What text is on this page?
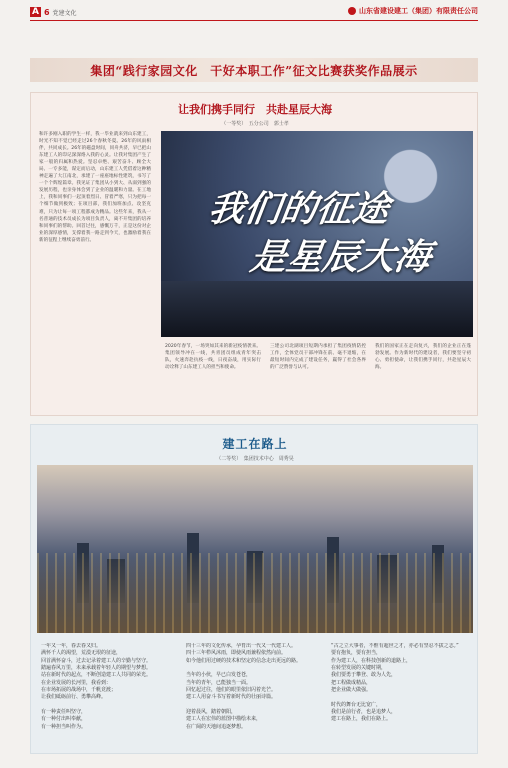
A 6 党建文化	山东省建设建工（集团）有限责任公司
集团“践行家园文化　干好本职工作”征文比赛获奖作品展示
让我们携手同行　共赴星辰大海
（一等奖）　五分公司　郭士孝
和许多刚入职的学生一样，我一毕业就来到山东建工，时光不知不觉已经走过26个春秋冬夏。26年的风雨相伴，共同成长。26年的磁盘时间，同舟共济，早已把山东建工人的印记深深烙入我的心灵。让我对集团产生了家一般的归属和热爱。坚忍卓绝、艰苦奋斗、顾全大局、一专多能，谋定而后动，山东建工人凭借着这种精神走遍了大江南北，承建了一座座地标性建筑，书写了一个个辉煌篇章。我见证了集团从小到大、从弱到强的发展历程，也亲身体会到了企业的温暖和力量。在工地上，我和同事们一起顶着烈日、冒着严寒，只为把每一个细节做到极致；在项目部，我们加班加点、攻坚克难，只为让每一项工程都成为精品。这些年来，我从一名普通的技术员成长为项目负责人，离不开集团的培养和同事们的帮助。回首过往，感慨万千，正是这份对企业的深厚感情，支撑着我一路走到今天，也激励着我在新的征程上继续奋勇前行。
我们的征途
是星辰大海
2020年春节，一场突如其来的新冠疫情袭来。集团领导冲在一线，共青团员组成青年突击队，火速奔赴抗疫一线，日夜奋战，用实际行动诠释了山东建工人的担当和使命。
三建公司北湖项目短期内承担了集团疫情防控工作，全体党员干部冲锋在前、毫不退缩，在最短时间内完成了建设任务，赢得了社会各界的广泛赞誉与认可。
我们的国家正在走向复兴，我们的企业正在蓬勃发展。作为新时代的建设者，我们要坚守初心、勇担使命，让我们携手同行，共赴星辰大海。
建工在路上
（二等奖）　集团技术中心　周秀昊
一年又一年，春去春又归。
满怀千人的渴望，荒漠无垠的征途，
回首满怀奋斗，过去记录着建工人的辛勤与坚守。
踏遍春风万里，未来承载着年轻人的期望与梦想。
站在新时代的起点，不断创造建工人共同的荣光。
在企业发展的长河里，我看到：
在市场拓展的战场中，千帆竞渡；
让我们砥砺前行、勇攀高峰。

有一种责任叫坚守，
有一种付出叫奉献，
有一种担当叫作为。
四十三年的文化传承，孕育出一代又一代建工人。
四十三年栉风沐雨，即使风雨兼程依然向前。
如今他们用过硬的技术和坚定的信念走出更远的路。

当年的小伙，早已白发苍苍，
当年的青年，已能独当一面。
回忆起过往，他们的眼里依旧闪着光芒。
建工人用奋斗书写着新时代的壮丽诗篇。

迎着晨风，踏着朝阳，
建工人在宏伟的蓝图中描绘未来，
在广阔的天地间追逐梦想。
“古之立大事者，不惟有超世之才，亦必有坚忍不拔之志。”
要有抱负，要有担当，
作为建工人，在科技创新的道路上，
在转型发展的关键时期，
我们要勇于攀登、敢为人先，
把工程做成精品，
把企业做大做强。

时代的舞台无比宽广，
我们是前行者，也是追梦人，
建工在路上，我们在路上。
